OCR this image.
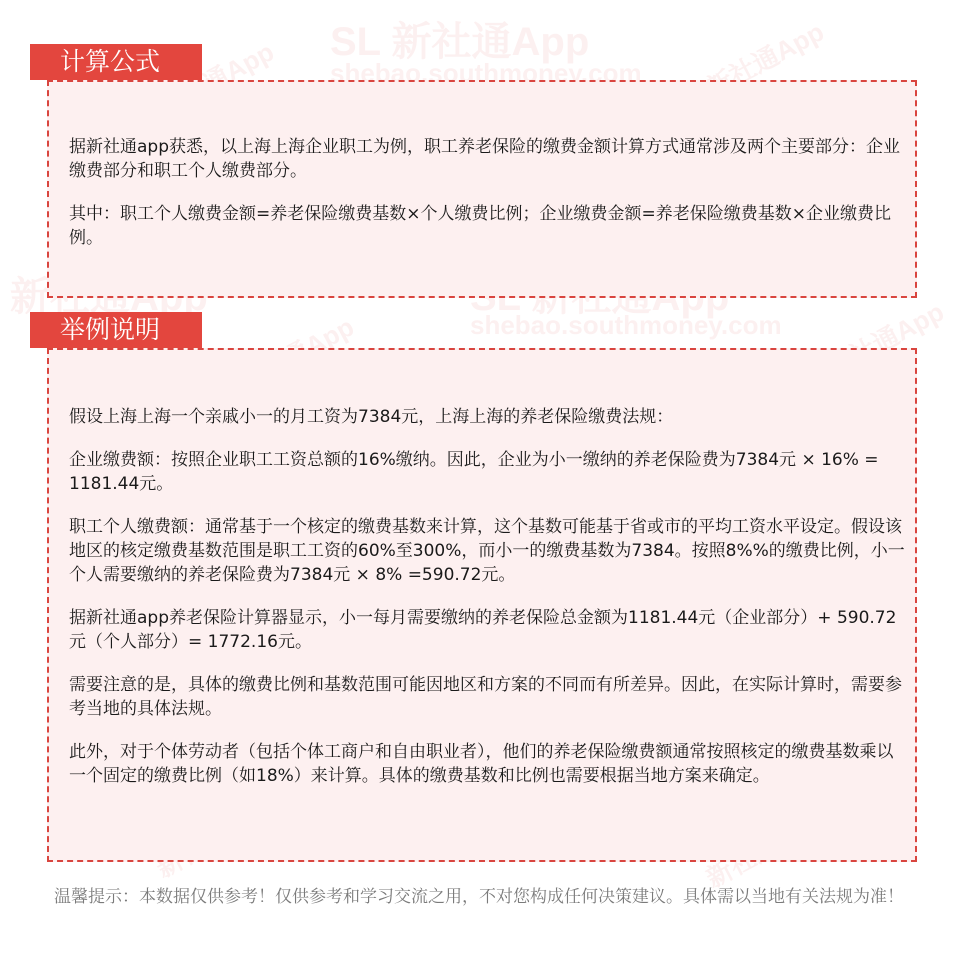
SL 新社通App
shebao.southmoney.com 新社通App
shebao.southmoney.com 新社通App

据新社通app获悉，以上海上海企业职工为例，职工养老保险的缴费金额计算方式通常涉及两个主要部分：企业缴费部分和职工个人缴费部分。

其中：职工个人缴费金额=养老保险缴费基数×个人缴费比例；企业缴费金额=养老保险缴费基数×企业缴费比例。

计算公式

假设上海上海一个亲戚小一的月工资为7384元，上海上海的养老保险缴费法规：

企业缴费额：按照企业职工工资总额的16%缴纳。因此，企业为小一缴纳的养老保险费为7384元 × 16% = 1181.44元。

职工个人缴费额：通常基于一个核定的缴费基数来计算，这个基数可能基于省或市的平均工资水平设定。假设该地区的核定缴费基数范围是职工工资的60%至300%，而小一的缴费基数为7384。按照8%%的缴费比例，小一个人需要缴纳的养老保险费为7384元 × 8% =590.72元。

据新社通app养老保险计算器显示，小一每月需要缴纳的养老保险总金额为1181.44元（企业部分）+ 590.72元（个人部分）= 1772.16元。

需要注意的是，具体的缴费比例和基数范围可能因地区和方案的不同而有所差异。因此，在实际计算时，需要参考当地的具体法规。

此外，对于个体劳动者（包括个体工商户和自由职业者），他们的养老保险缴费额通常按照核定的缴费基数乘以一个固定的缴费比例（如18%）来计算。具体的缴费基数和比例也需要根据当地方案来确定。

举例说明
温馨提示：本数据仅供参考！仅供参考和学习交流之用，不对您构成任何决策建议。具体需以当地有关法规为准！
